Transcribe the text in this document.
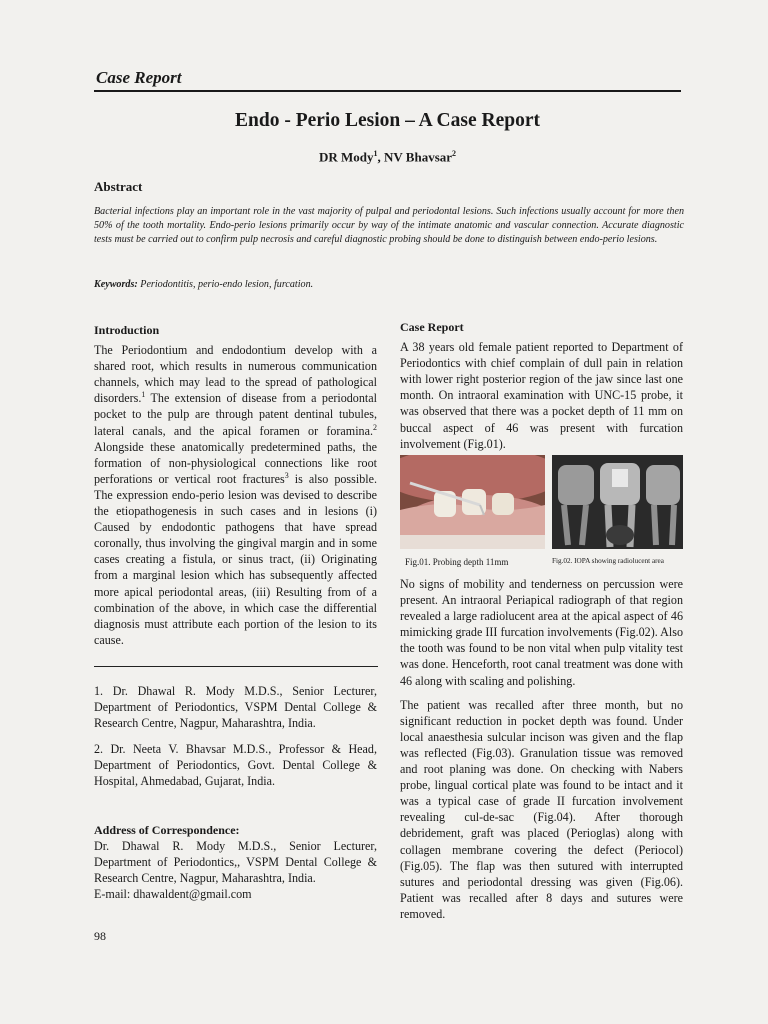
Case Report
Endo - Perio Lesion – A Case Report
DR Mody$^1$, NV Bhavsar$^2$
Abstract
Bacterial infections play an important role in the vast majority of pulpal and periodontal lesions. Such infections usually account for more then 50% of the tooth mortality. Endo-perio lesions primarily occur by way of the intimate anatomic and vascular connection. Accurate diagnostic tests must be carried out to confirm pulp necrosis and careful diagnostic probing should be done to distinguish between endo-perio lesions.
Keywords: Periodontitis, perio-endo lesion, furcation.
Introduction

The Periodontium and endodontium develop with a shared root, which results in numerous communication channels, which may lead to the spread of pathological disorders.$^1$ The extension of disease from a periodontal pocket to the pulp are through patent dentinal tubules, lateral canals, and the apical foramen or foramina.$^2$ Alongside these anatomically predetermined paths, the formation of non-physiological connections like root perforations or vertical root fractures$^3$ is also possible. The expression endo-perio lesion was devised to describe the etiopathogenesis in such cases and in lesions (i) Caused by endodontic pathogens that have spread coronally, thus involving the gingival margin and in some cases creating a fistula, or sinus tract, (ii) Originating from a marginal lesion which has subsequently affected more apical periodontal areas, (iii) Resulting from of a combination of the above, in which case the differential diagnosis must attribute each portion of the lesion to its cause.

1. Dr. Dhawal R. Mody M.D.S., Senior Lecturer, Department of Periodontics, VSPM Dental College & Research Centre, Nagpur, Maharashtra, India.

2. Dr. Neeta V. Bhavsar M.D.S., Professor & Head, Department of Periodontics, Govt. Dental College & Hospital, Ahmedabad, Gujarat, India.

Address of Correspondence:

Dr. Dhawal R. Mody M.D.S., Senior Lecturer, Department of Periodontics,, VSPM Dental College & Research Centre, Nagpur, Maharashtra, India.

E-mail: dhawaldent@gmail.com

Case Report

A 38 years old female patient reported to Department of Periodontics with chief complain of dull pain in relation with lower right posterior region of the jaw since last one month. On intraoral examination with UNC-15 probe, it was observed that there was a pocket depth of 11 mm on buccal aspect of 46 was present with furcation involvement (Fig.01).

Fig.01. Probing depth 11mm	Fig.02. IOPA showing radiolucent area

No signs of mobility and tenderness on percussion were present. An intraoral Periapical radiograph of that region revealed a large radiolucent area at the apical aspect of 46 mimicking grade III furcation involvements (Fig.02). Also the tooth was found to be non vital when pulp vitality test was done. Henceforth, root canal treatment was done with 46 along with scaling and polishing.

The patient was recalled after three month, but no significant reduction in pocket depth was found. Under local anaesthesia sulcular incison was given and the flap was reflected (Fig.03). Granulation tissue was removed and root planing was done. On checking with Nabers probe, lingual cortical plate was found to be intact and it was a typical case of grade II furcation involvement revealing cul-de-sac (Fig.04). After thorough debridement, graft was placed (Perioglas) along with collagen membrane covering the defect (Periocol) (Fig.05). The flap was then sutured with interrupted sutures and periodontal dressing was given (Fig.06). Patient was recalled after 8 days and sutures were removed.

98
